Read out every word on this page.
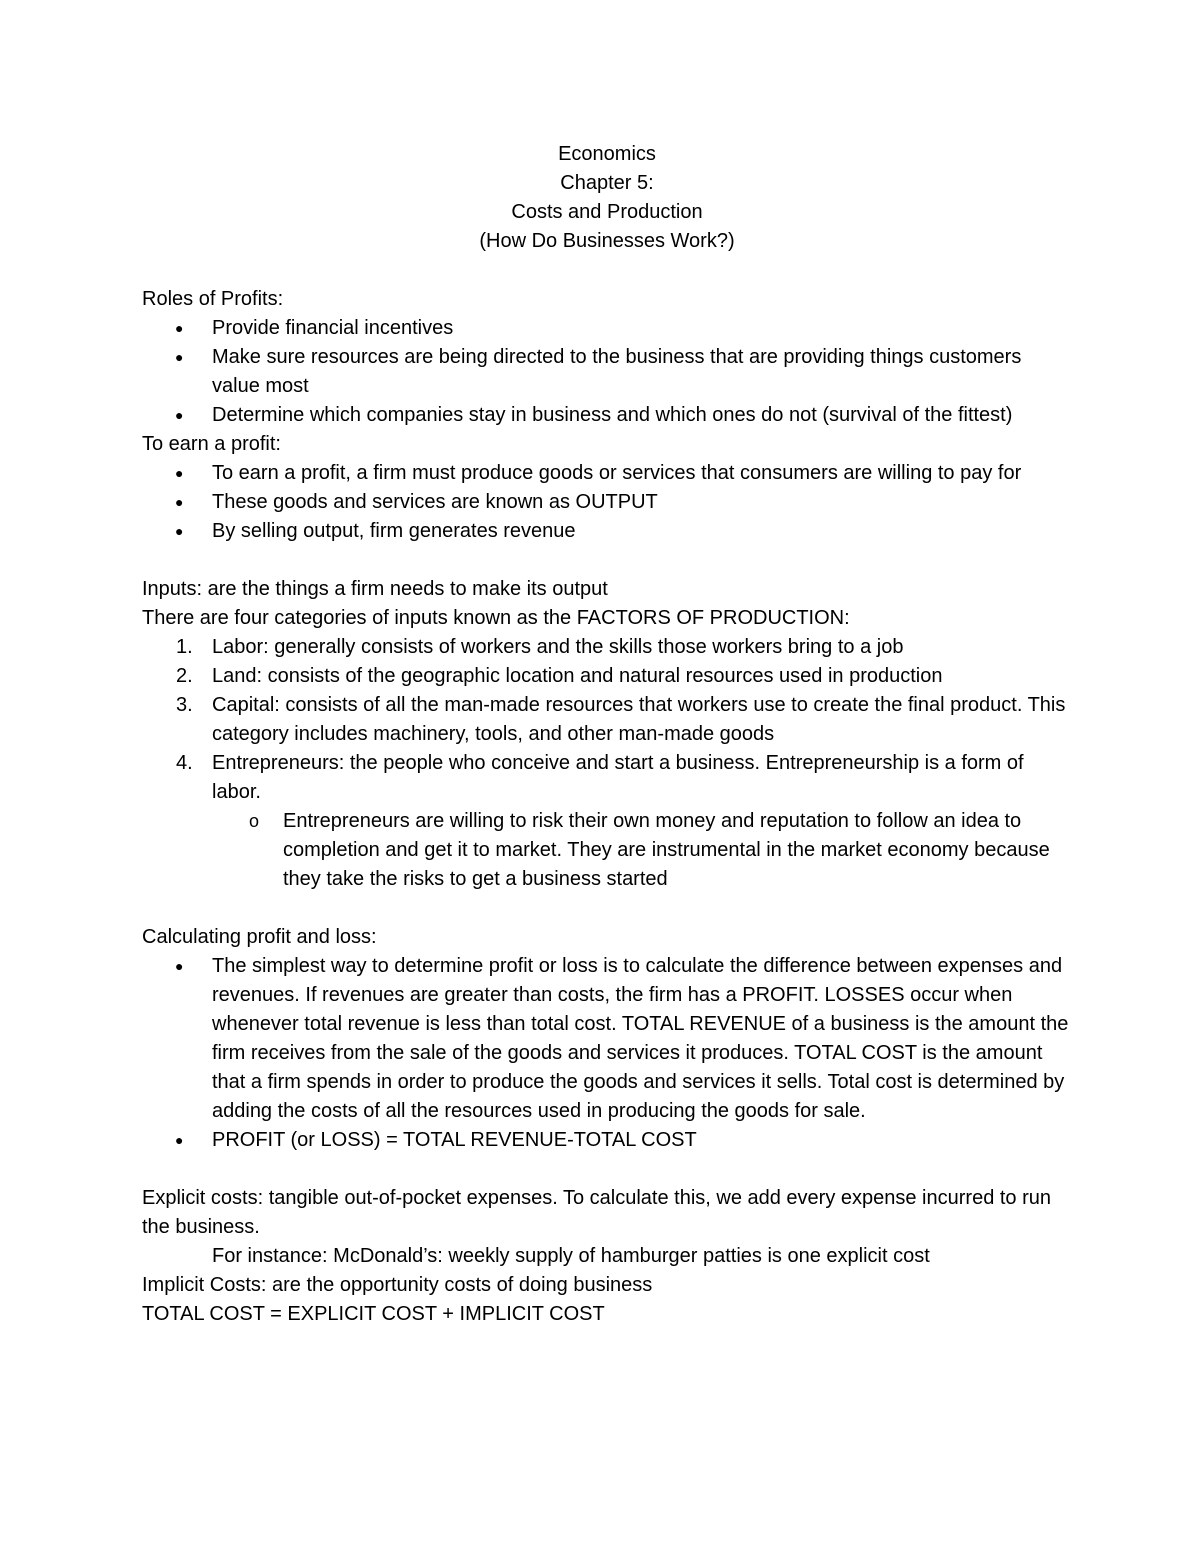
Economics
Chapter 5:
Costs and Production
(How Do Businesses Work?)

Roles of Profits:

● Provide financial incentives
● Make sure resources are being directed to the business that are providing things customers value most
● Determine which companies stay in business and which ones do not (survival of the fittest)

To earn a profit:

● To earn a profit, a firm must produce goods or services that consumers are willing to pay for
● These goods and services are known as OUTPUT
● By selling output, firm generates revenue

Inputs: are the things a firm needs to make its output

There are four categories of inputs known as the FACTORS OF PRODUCTION:

1. Labor: generally consists of workers and the skills those workers bring to a job
2. Land: consists of the geographic location and natural resources used in production
3. Capital: consists of all the man-made resources that workers use to create the final product. This category includes machinery, tools, and other man-made goods
4. Entrepreneurs: the people who conceive and start a business. Entrepreneurship is a form of labor.
o Entrepreneurs are willing to risk their own money and reputation to follow an idea to completion and get it to market. They are instrumental in the market economy because they take the risks to get a business started

Calculating profit and loss:

● The simplest way to determine profit or loss is to calculate the difference between expenses and revenues. If revenues are greater than costs, the firm has a PROFIT. LOSSES occur when whenever total revenue is less than total cost. TOTAL REVENUE of a business is the amount the firm receives from the sale of the goods and services it produces. TOTAL COST is the amount that a firm spends in order to produce the goods and services it sells. Total cost is determined by adding the costs of all the resources used in producing the goods for sale.
● PROFIT (or LOSS) = TOTAL REVENUE-TOTAL COST

Explicit costs: tangible out-of-pocket expenses. To calculate this, we add every expense incurred to run the business.

For instance: McDonald’s: weekly supply of hamburger patties is one explicit cost

Implicit Costs: are the opportunity costs of doing business

TOTAL COST = EXPLICIT COST + IMPLICIT COST
